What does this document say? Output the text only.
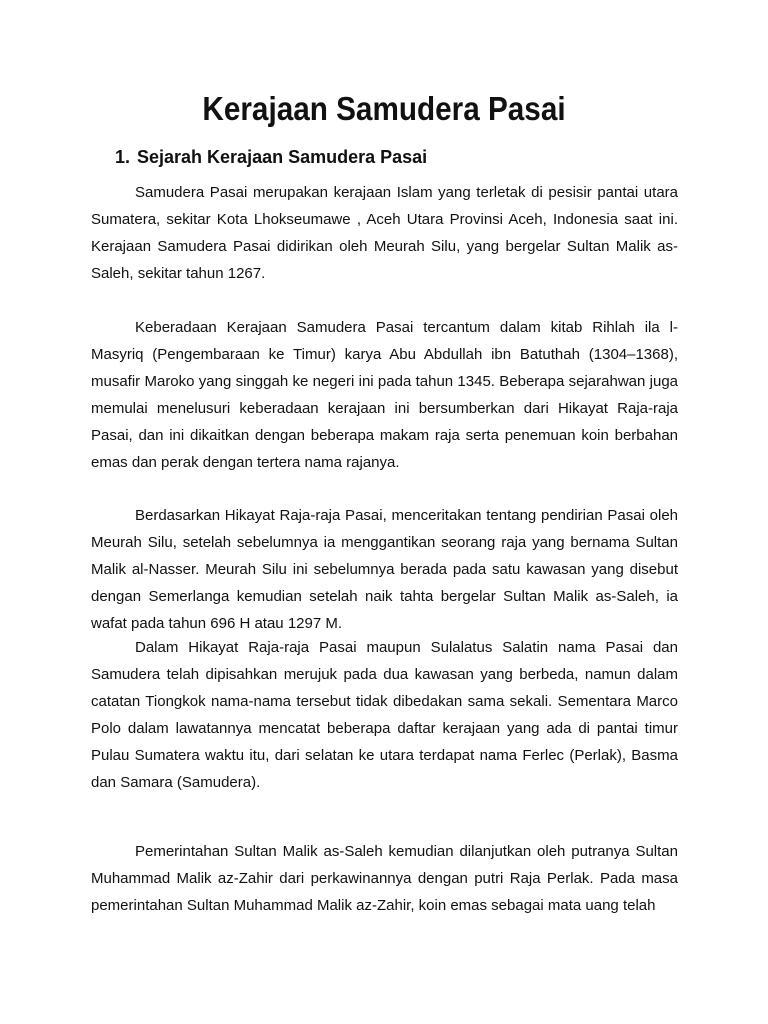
Kerajaan Samudera Pasai
1. Sejarah Kerajaan Samudera Pasai

Samudera Pasai merupakan kerajaan Islam yang terletak di pesisir pantai utara Sumatera, sekitar Kota Lhokseumawe , Aceh Utara Provinsi Aceh, Indonesia saat ini. Kerajaan Samudera Pasai didirikan oleh Meurah Silu, yang bergelar Sultan Malik as-Saleh, sekitar tahun 1267.

Keberadaan Kerajaan Samudera Pasai tercantum dalam kitab Rihlah ila l-Masyriq (Pengembaraan ke Timur) karya Abu Abdullah ibn Batuthah (1304–1368), musafir Maroko yang singgah ke negeri ini pada tahun 1345. Beberapa sejarahwan juga memulai menelusuri keberadaan kerajaan ini bersumberkan dari Hikayat Raja-raja Pasai, dan ini dikaitkan dengan beberapa makam raja serta penemuan koin berbahan emas dan perak dengan tertera nama rajanya.

Berdasarkan Hikayat Raja-raja Pasai, menceritakan tentang pendirian Pasai oleh Meurah Silu, setelah sebelumnya ia menggantikan seorang raja yang bernama Sultan Malik al-Nasser. Meurah Silu ini sebelumnya berada pada satu kawasan yang disebut dengan Semerlanga kemudian setelah naik tahta bergelar Sultan Malik as-Saleh, ia wafat pada tahun 696 H atau 1297 M.

Dalam Hikayat Raja-raja Pasai maupun Sulalatus Salatin nama Pasai dan Samudera telah dipisahkan merujuk pada dua kawasan yang berbeda, namun dalam catatan Tiongkok nama-nama tersebut tidak dibedakan sama sekali. Sementara Marco Polo dalam lawatannya mencatat beberapa daftar kerajaan yang ada di pantai timur Pulau Sumatera waktu itu, dari selatan ke utara terdapat nama Ferlec (Perlak), Basma dan Samara (Samudera).

Pemerintahan Sultan Malik as-Saleh kemudian dilanjutkan oleh putranya Sultan Muhammad Malik az-Zahir dari perkawinannya dengan putri Raja Perlak. Pada masa pemerintahan Sultan Muhammad Malik az-Zahir, koin emas sebagai mata uang telah
